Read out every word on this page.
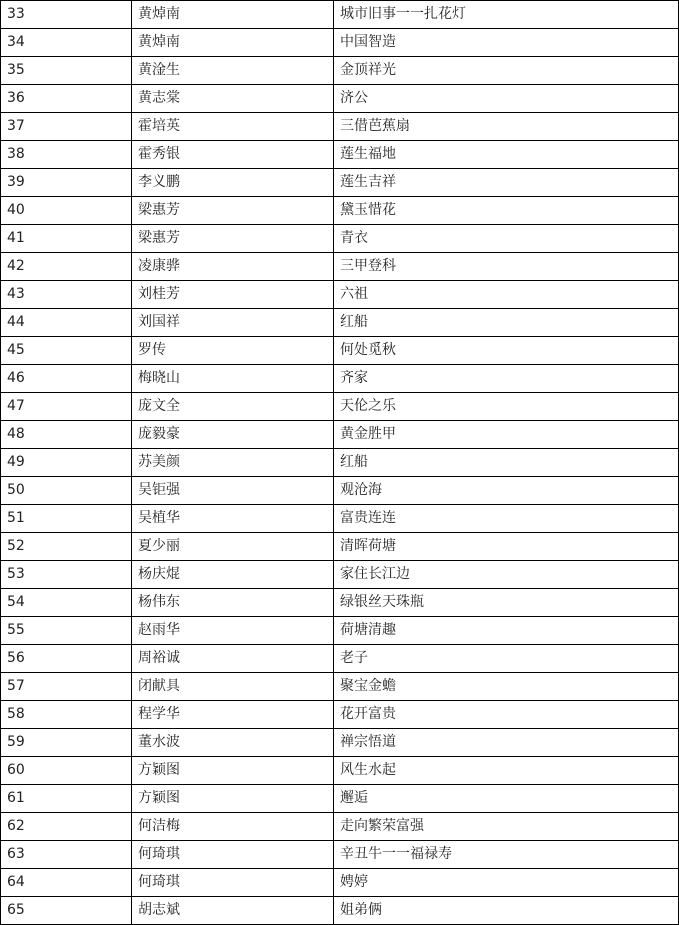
33	黄焯南	城市旧事一一扎花灯
34	黄焯南	中国智造
35	黄淦生	金顶祥光
36	黄志棠	济公
37	霍培英	三借芭蕉扇
38	霍秀银	莲生福地
39	李义鹏	莲生吉祥
40	梁惠芳	黛玉惜花
41	梁惠芳	青衣
42	凌康骅	三甲登科
43	刘桂芳	六祖
44	刘国祥	红船
45	罗传	何处觅秋
46	梅晓山	齐家
47	庞文全	天伦之乐
48	庞毅豪	黄金胜甲
49	苏美颜	红船
50	吴钜强	观沧海
51	吴植华	富贵连连
52	夏少丽	清晖荷塘
53	杨庆焜	家住长江边
54	杨伟东	绿银丝天珠瓶
55	赵雨华	荷塘清趣
56	周裕诚	老子
57	闭献具	聚宝金蟾
58	程学华	花开富贵
59	董水波	禅宗悟道
60	方颖图	风生水起
61	方颖图	邂逅
62	何洁梅	走向繁荣富强
63	何琦琪	辛丑牛一一福禄寿
64	何琦琪	娉婷
65	胡志斌	姐弟俩
